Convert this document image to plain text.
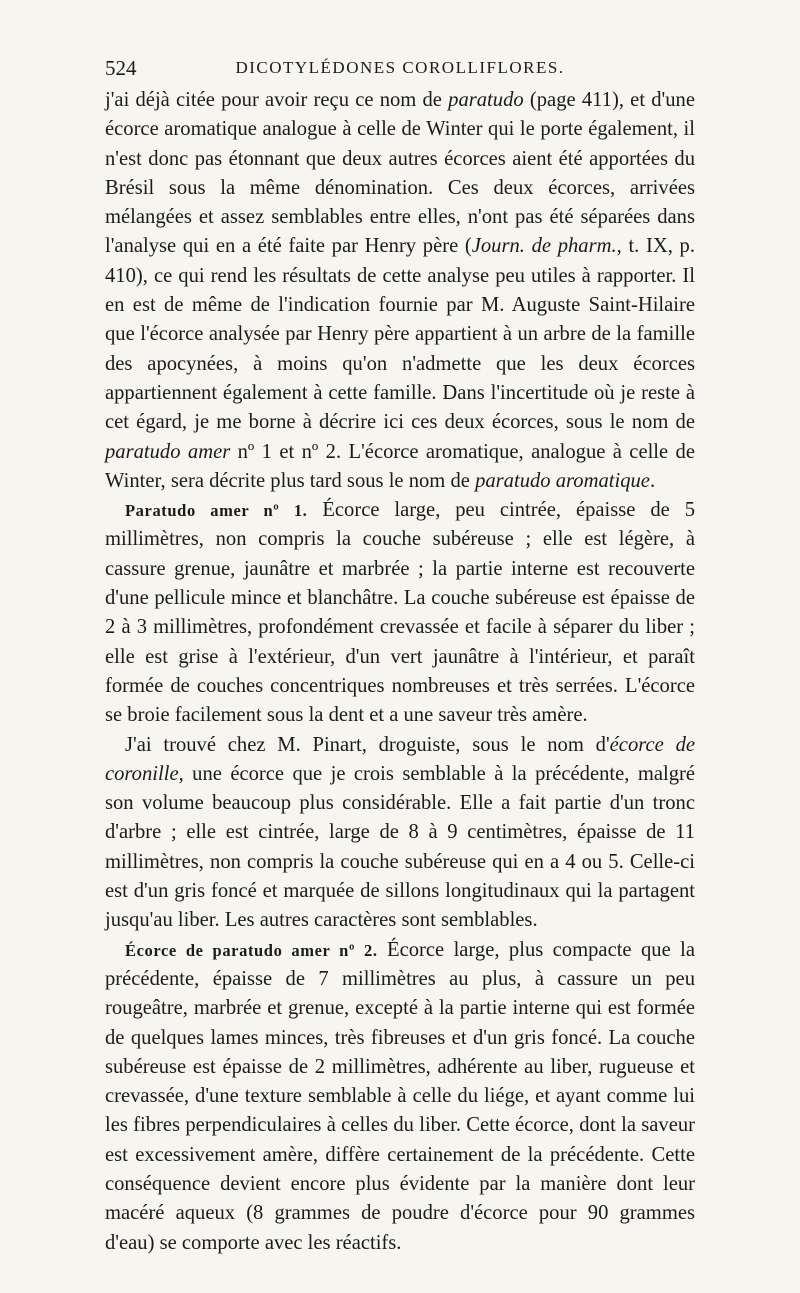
524	DICOTYLÉDONES COROLLIFLORES.

j'ai déjà citée pour avoir reçu ce nom de paratudo (page 411), et d'une écorce aromatique analogue à celle de Winter qui le porte également, il n'est donc pas étonnant que deux autres écorces aient été apportées du Brésil sous la même dénomination. Ces deux écorces, arrivées mélangées et assez semblables entre elles, n'ont pas été séparées dans l'analyse qui en a été faite par Henry père (Journ. de pharm., t. IX, p. 410), ce qui rend les résultats de cette analyse peu utiles à rapporter. Il en est de même de l'indication fournie par M. Auguste Saint-Hilaire que l'écorce analysée par Henry père appartient à un arbre de la famille des apocynées, à moins qu'on n'admette que les deux écorces appartiennent également à cette famille. Dans l'incertitude où je reste à cet égard, je me borne à décrire ici ces deux écorces, sous le nom de paratudo amer nº 1 et nº 2. L'écorce aromatique, analogue à celle de Winter, sera décrite plus tard sous le nom de paratudo aromatique.

Paratudo amer nº 1. Écorce large, peu cintrée, épaisse de 5 millimètres, non compris la couche subéreuse ; elle est légère, à cassure grenue, jaunâtre et marbrée ; la partie interne est recouverte d'une pellicule mince et blanchâtre. La couche subéreuse est épaisse de 2 à 3 millimètres, profondément crevassée et facile à séparer du liber ; elle est grise à l'extérieur, d'un vert jaunâtre à l'intérieur, et paraît formée de couches concentriques nombreuses et très serrées. L'écorce se broie facilement sous la dent et a une saveur très amère.

J'ai trouvé chez M. Pinart, droguiste, sous le nom d'écorce de coronille, une écorce que je crois semblable à la précédente, malgré son volume beaucoup plus considérable. Elle a fait partie d'un tronc d'arbre ; elle est cintrée, large de 8 à 9 centimètres, épaisse de 11 millimètres, non compris la couche subéreuse qui en a 4 ou 5. Celle-ci est d'un gris foncé et marquée de sillons longitudinaux qui la partagent jusqu'au liber. Les autres caractères sont semblables.

Écorce de paratudo amer nº 2. Écorce large, plus compacte que la précédente, épaisse de 7 millimètres au plus, à cassure un peu rougeâtre, marbrée et grenue, excepté à la partie interne qui est formée de quelques lames minces, très fibreuses et d'un gris foncé. La couche subéreuse est épaisse de 2 millimètres, adhérente au liber, rugueuse et crevassée, d'une texture semblable à celle du liége, et ayant comme lui les fibres perpendiculaires à celles du liber. Cette écorce, dont la saveur est excessivement amère, diffère certainement de la précédente. Cette conséquence devient encore plus évidente par la manière dont leur macéré aqueux (8 grammes de poudre d'écorce pour 90 grammes d'eau) se comporte avec les réactifs.
